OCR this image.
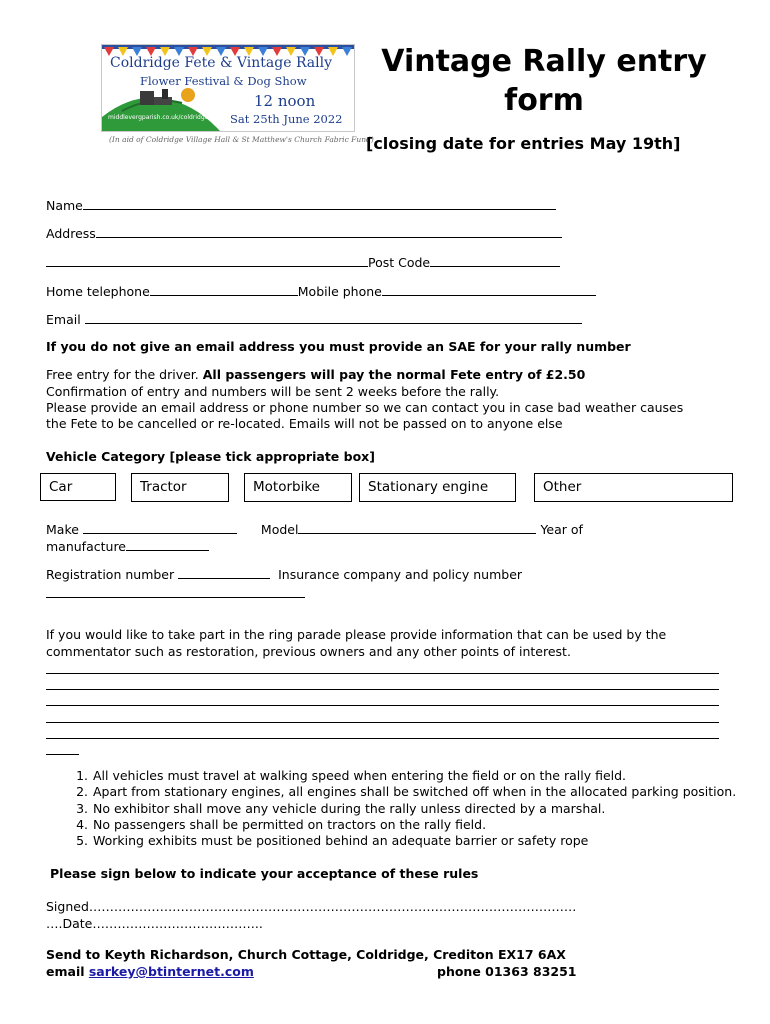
Coldridge Fete & Vintage Rally
Flower Festival & Dog Show
12 noon
middlevergparish.co.uk/coldridge Sat 25th June 2022
(In aid of Coldridge Village Hall & St Matthew's Church Fabric Fund)
Vintage Rally entry form
[closing date for entries May 19th]
Name
Address
Post Code
Home telephone	Mobile phone
Email
If you do not give an email address you must provide an SAE for your rally number
Free entry for the driver. All passengers will pay the normal Fete entry of £2.50
Confirmation of entry and numbers will be sent 2 weeks before the rally.
Please provide an email address or phone number so we can contact you in case bad weather causes
the Fete to be cancelled or re-located. Emails will not be passed on to anyone else
Vehicle Category [please tick appropriate box]
Car	Tractor	Motorbike	Stationary engine	Other
Make	Model	Year of
manufacture
Registration number	Insurance company and policy number
If you would like to take part in the ring parade please provide information that can be used by the
commentator such as restoration, previous owners and any other points of interest.
1. All vehicles must travel at walking speed when entering the field or on the rally field.
2. Apart from stationary engines, all engines shall be switched off when in the allocated parking position.
3. No exhibitor shall move any vehicle during the rally unless directed by a marshal.
4. No passengers shall be permitted on tractors on the rally field.
5. Working exhibits must be positioned behind an adequate barrier or safety rope
Please sign below to indicate your acceptance of these rules
Signed………………………………………………………………………………………………………
….Date…………………………………..
Send to Keyth Richardson, Church Cottage, Coldridge, Crediton EX17 6AX
email sarkey@btinternet.com	phone 01363 83251
